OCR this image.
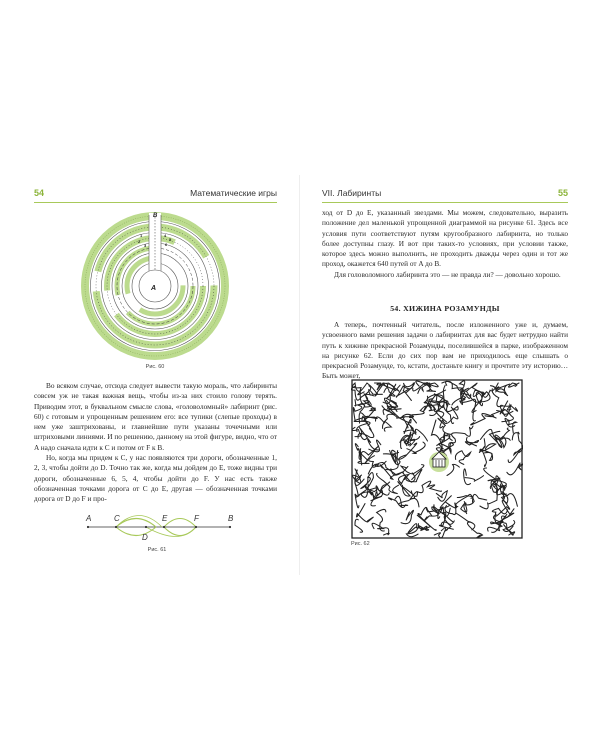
54	Математические игры
B
A
1
2
3
4
5
6
Рис. 60

Во всяком случае, отсюда следует вывести такую мораль, что лабиринты совсем уж не такая важная вещь, чтобы из-за них стоило голову терять. Приводим этот, в буквальном смысле слова, «головоломный» лабиринт (рис. 60) с готовым и упрощенным решением его: все тупики (слепые проходы) в нем уже заштрихованы, и главнейшие пути указаны точечными или штриховыми линиями. И по решению, данному на этой фигуре, видно, что от A надо сначала идти к C и потом от F к B.

Но, когда мы придем к C, у нас появляются три дороги, обозначенные 1, 2, 3, чтобы дойти до D. Точно так же, когда мы дойдем до E, тоже видны три дороги, обозначенные 6, 5, 4, чтобы дойти до F. У нас есть также обозначенная точками дорога от C до E, другая — обозначенная точками дорога от D до F и про-

A	C
D
E	F	B
Рис. 61
VII. Лабиринты	55

ход от D до E, указанный звездами. Мы можем, следовательно, выразить положение дел маленькой упрощенной диаграммой на рисунке 61. Здесь все условия пути соответствуют путям кругообразного лабиринта, но только более доступны глазу. И вот при таких-то условиях, при условии также, которое здесь можно выполнить, не проходить дважды через один и тот же проход, окажется 640 путей от A до B.

Для головоломного лабиринта это — не правда ли? — довольно хорошо.

54. ХИЖИНА РОЗАМУНДЫ

А теперь, почтенный читатель, после изложенного уже и, думаем, усвоенного вами решения задачи о лабиринтах для вас будет нетрудно найти путь к хижине прекрасной Розамунды, поселившейся в парке, изображенном на рисунке 62. Если до сих пор вам не приходилось еще слышать о прекрасной Розамунде, то, кстати, достаньте книгу и прочтите эту историю… Быть может,

Рис. 62
